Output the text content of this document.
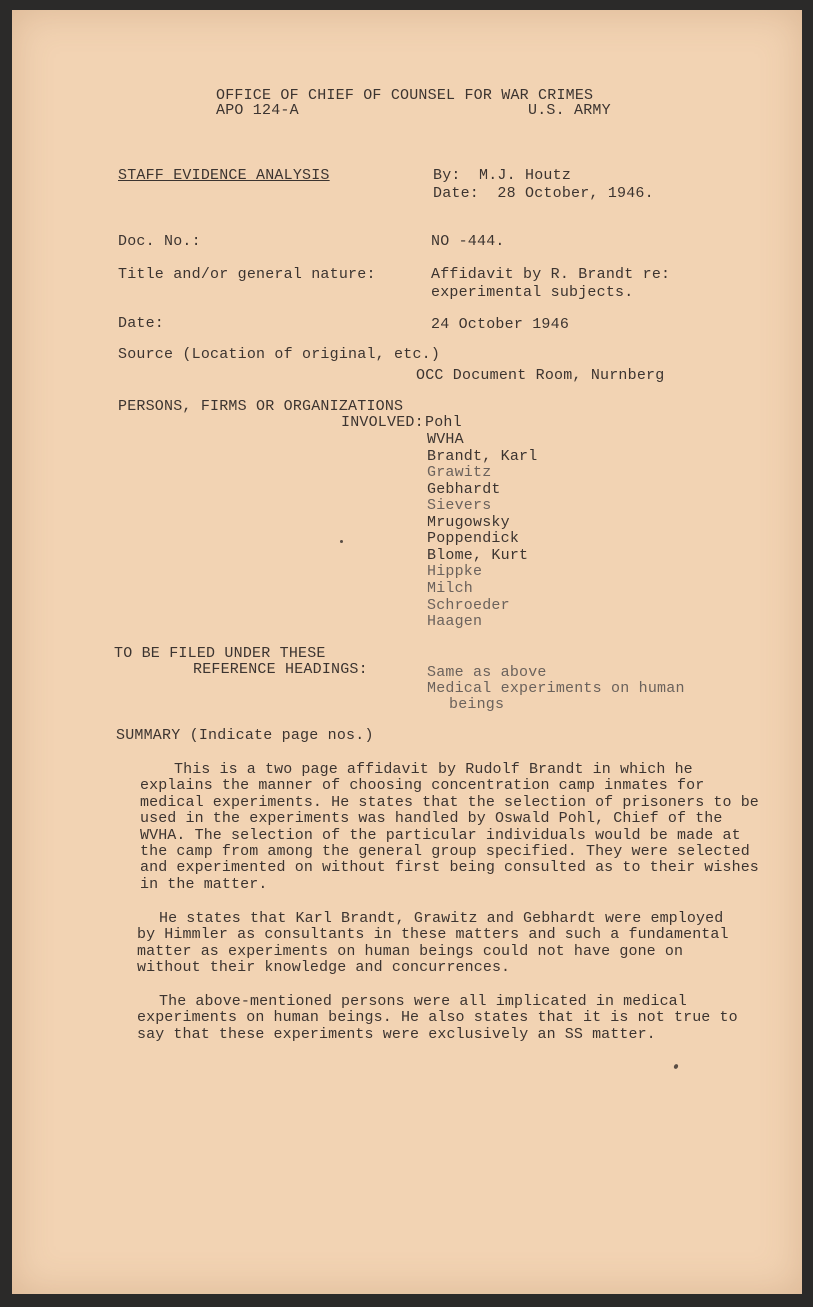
OFFICE OF CHIEF OF COUNSEL FOR WAR CRIMES
APO 124-A	U.S. ARMY
STAFF EVIDENCE ANALYSIS	By:  M.J. Houtz
Date:  28 October, 1946.
Doc. No.:	NO -444.
Title and/or general nature:	Affidavit by R. Brandt re:
experimental subjects.
Date:	24 October 1946
Source (Location of original, etc.)
OCC Document Room, Nurnberg
PERSONS, FIRMS OR ORGANIZATIONS
INVOLVED: Pohl
WVHA
Brandt, Karl
Grawitz
Gebhardt
Sievers
Mrugowsky
Poppendick
Blome, Kurt
Hippke
Milch
Schroeder
Haagen
TO BE FILED UNDER THESE
REFERENCE HEADINGS:	Same as above
Medical experiments on human
beings
SUMMARY (Indicate page nos.)
This is a two page affidavit by Rudolf Brandt in which he explains the manner of choosing concentration camp inmates for medical experiments. He states that the selection of prisoners to be used in the experiments was handled by Oswald Pohl, Chief of the WVHA. The selection of the particular individuals would be made at the camp from among the general group specified. They were selected and experimented on without first being consulted as to their wishes in the matter.
He states that Karl Brandt, Grawitz and Gebhardt were employed by Himmler as consultants in these matters and such a fundamental matter as experiments on human beings could not have gone on without their knowledge and concurrences.
The above-mentioned persons were all implicated in medical experiments on human beings. He also states that it is not true to say that these experiments were exclusively an SS matter.
